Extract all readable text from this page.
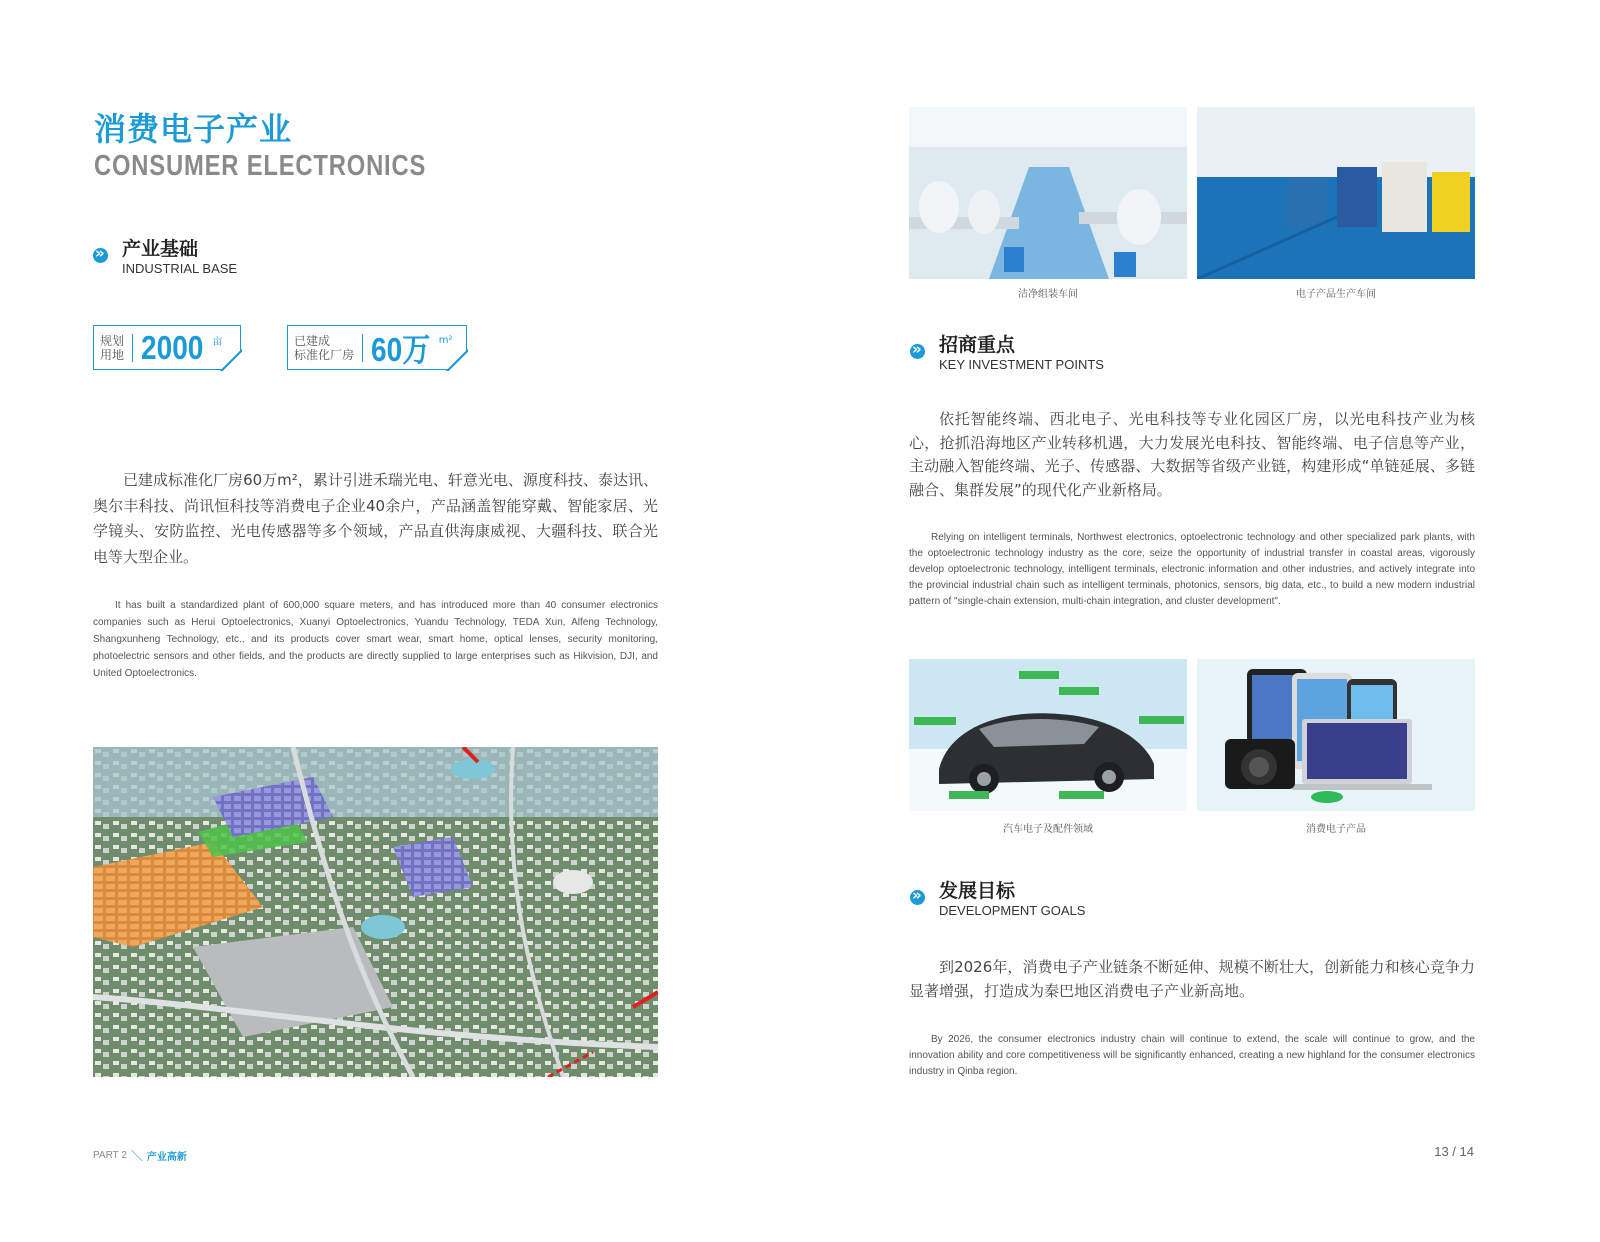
消费电子产业
CONSUMER ELECTRONICS
»
产业基础
INDUSTRIAL BASE
规划
用地 2000 亩	已建成
标准化厂房 60万 m²
已建成标准化厂房60万m²，累计引进禾瑞光电、轩意光电、源度科技、泰达讯、奥尔丰科技、尚讯恒科技等消费电子企业40余户，产品涵盖智能穿戴、智能家居、光学镜头、安防监控、光电传感器等多个领域，产品直供海康威视、大疆科技、联合光电等大型企业。
It has built a standardized plant of 600,000 square meters, and has introduced more than 40 consumer electronics companies such as Herui Optoelectronics, Xuanyi Optoelectronics, Yuandu Technology, TEDA Xun, Alfeng Technology, Shangxunheng Technology, etc., and its products cover smart wear, smart home, optical lenses, security monitoring, photoelectric sensors and other fields, and the products are directly supplied to large enterprises such as Hikvision, DJI, and United Optoelectronics.
洁净组装车间	电子产品生产车间
»
招商重点
KEY INVESTMENT POINTS
依托智能终端、西北电子、光电科技等专业化园区厂房，以光电科技产业为核心，抢抓沿海地区产业转移机遇，大力发展光电科技、智能终端、电子信息等产业，主动融入智能终端、光子、传感器、大数据等省级产业链，构建形成“单链延展、多链融合、集群发展”的现代化产业新格局。
Relying on intelligent terminals, Northwest electronics, optoelectronic technology and other specialized park plants, with the optoelectronic technology industry as the core, seize the opportunity of industrial transfer in coastal areas, vigorously develop optoelectronic technology, intelligent terminals, electronic information and other industries, and actively integrate into the provincial industrial chain such as intelligent terminals, photonics, sensors, big data, etc., to build a new modern industrial pattern of "single-chain extension, multi-chain integration, and cluster development".
汽车电子及配件领域	消费电子产品
»
发展目标
DEVELOPMENT GOALS
到2026年，消费电子产业链条不断延伸、规模不断壮大，创新能力和核心竞争力显著增强，打造成为秦巴地区消费电子产业新高地。
By 2026, the consumer electronics industry chain will continue to extend, the scale will continue to grow, and the innovation ability and core competitiveness will be significantly enhanced, creating a new highland for the consumer electronics industry in Qinba region.
PART 2 ＼ 产业高新	13 / 14
